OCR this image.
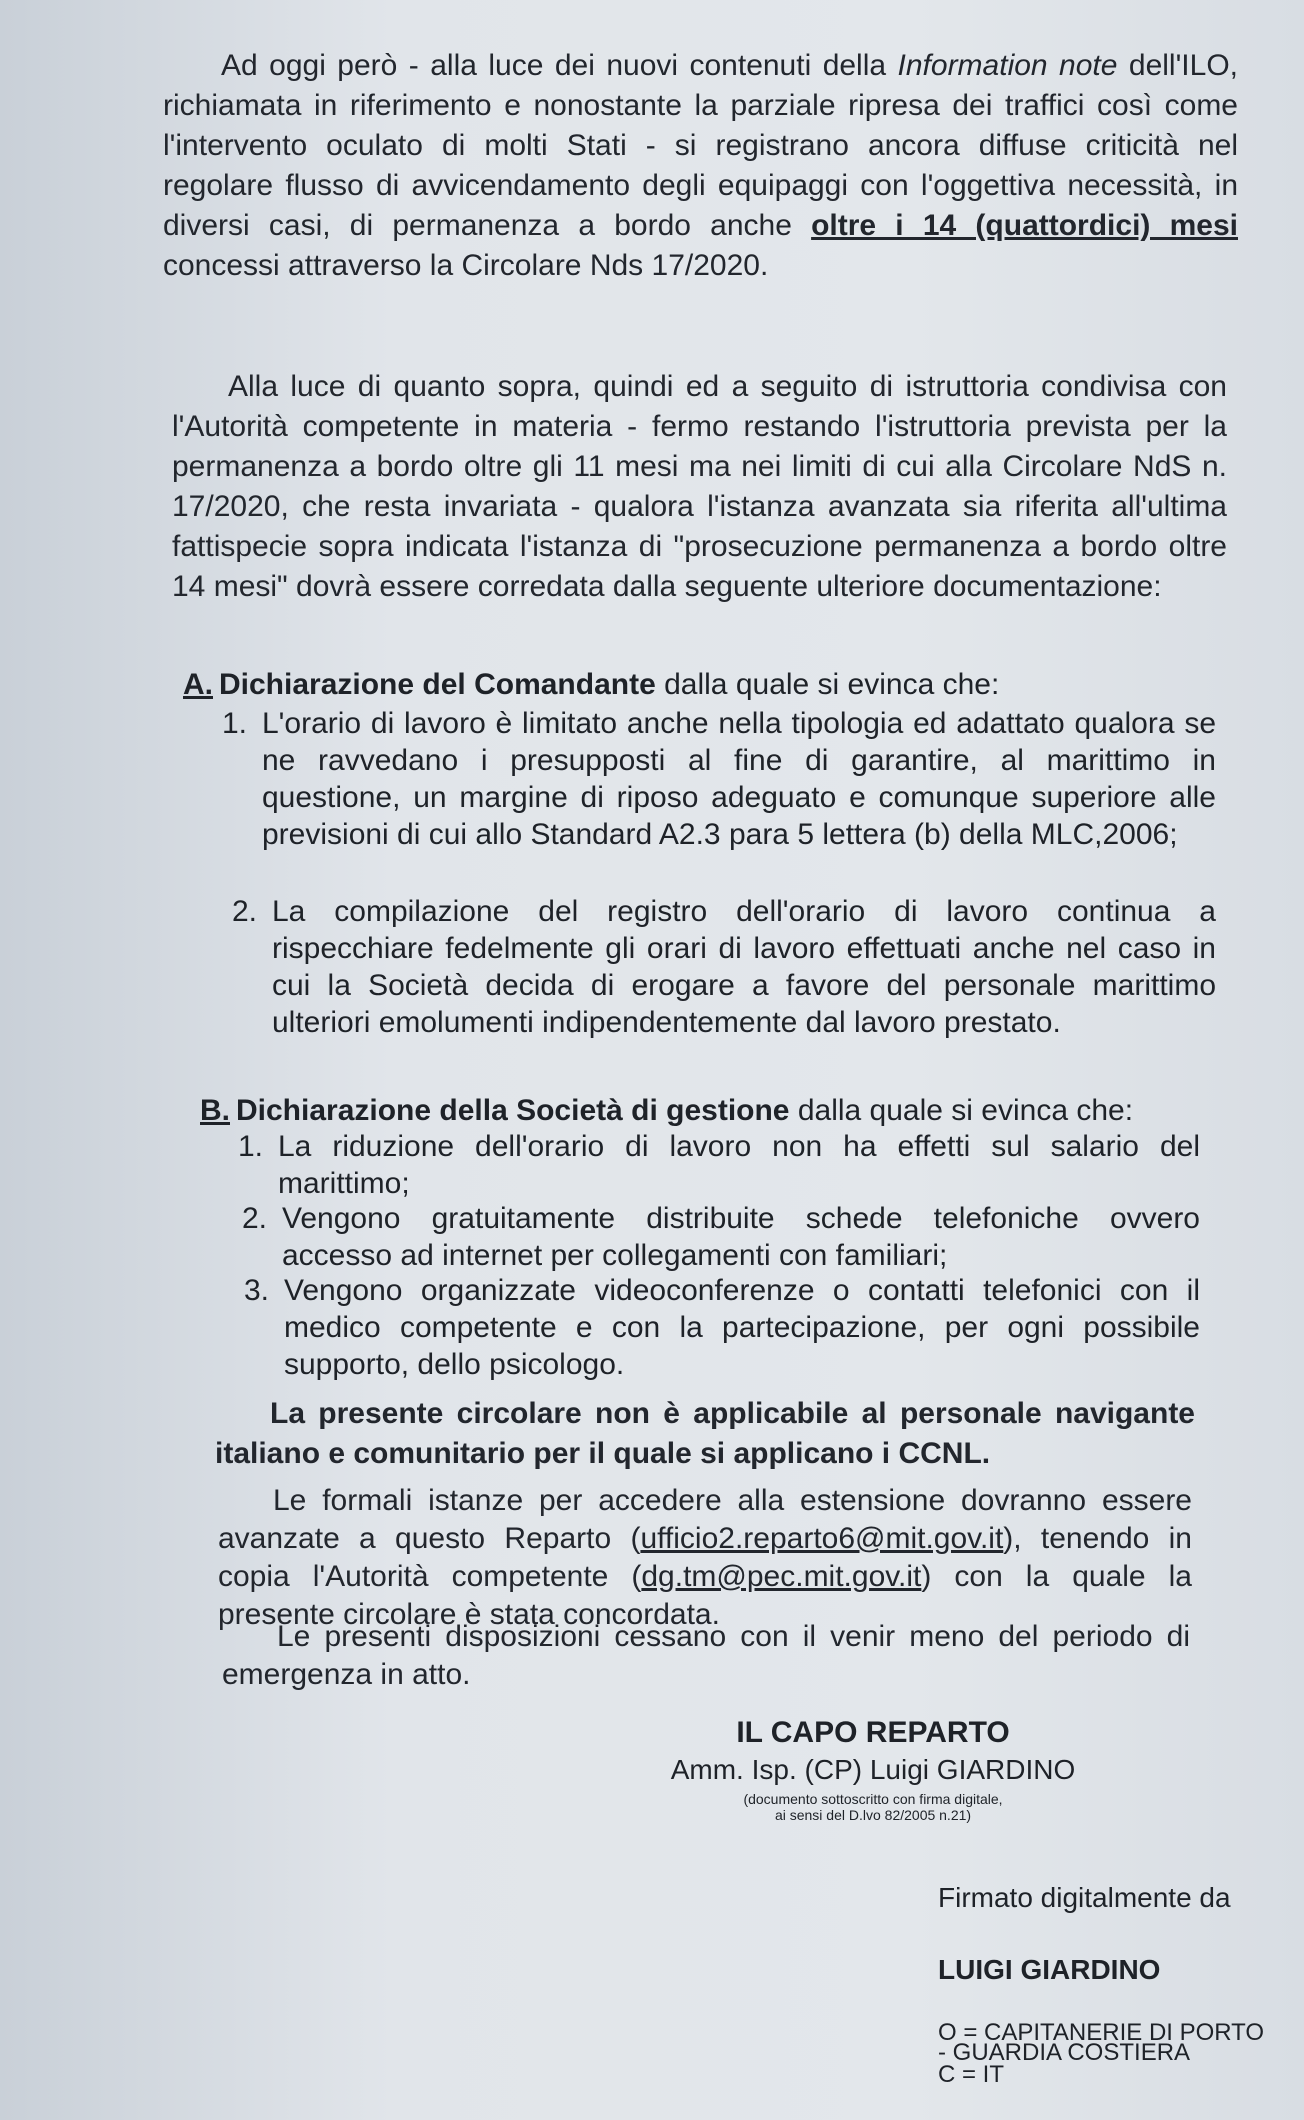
Ad oggi però - alla luce dei nuovi contenuti della Information note dell'ILO, richiamata in riferimento e nonostante la parziale ripresa dei traffici così come l'intervento oculato di molti Stati - si registrano ancora diffuse criticità nel regolare flusso di avvicendamento degli equipaggi con l'oggettiva necessità, in diversi casi, di permanenza a bordo anche oltre i 14 (quattordici) mesi concessi attraverso la Circolare Nds 17/2020.
Alla luce di quanto sopra, quindi ed a seguito di istruttoria condivisa con l'Autorità competente in materia - fermo restando l'istruttoria prevista per la permanenza a bordo oltre gli 11 mesi ma nei limiti di cui alla Circolare NdS n. 17/2020, che resta invariata - qualora l'istanza avanzata sia riferita all'ultima fattispecie sopra indicata l'istanza di "prosecuzione permanenza a bordo oltre 14 mesi" dovrà essere corredata dalla seguente ulteriore documentazione:
A. Dichiarazione del Comandante dalla quale si evinca che:
1. L'orario di lavoro è limitato anche nella tipologia ed adattato qualora se ne ravvedano i presupposti al fine di garantire, al marittimo in questione, un margine di riposo adeguato e comunque superiore alle previsioni di cui allo Standard A2.3 para 5 lettera (b) della MLC,2006;
2. La compilazione del registro dell'orario di lavoro continua a rispecchiare fedelmente gli orari di lavoro effettuati anche nel caso in cui la Società decida di erogare a favore del personale marittimo ulteriori emolumenti indipendentemente dal lavoro prestato.
B. Dichiarazione della Società di gestione dalla quale si evinca che:
1. La riduzione dell'orario di lavoro non ha effetti sul salario del marittimo;
2. Vengono gratuitamente distribuite schede telefoniche ovvero accesso ad internet per collegamenti con familiari;
3. Vengono organizzate videoconferenze o contatti telefonici con il medico competente e con la partecipazione, per ogni possibile supporto, dello psicologo.
La presente circolare non è applicabile al personale navigante italiano e comunitario per il quale si applicano i CCNL.
Le formali istanze per accedere alla estensione dovranno essere avanzate a questo Reparto (ufficio2.reparto6@mit.gov.it), tenendo in copia l'Autorità competente (dg.tm@pec.mit.gov.it) con la quale la presente circolare è stata concordata.
Le presenti disposizioni cessano con il venir meno del periodo di emergenza in atto.
IL CAPO REPARTO
Amm. Isp. (CP) Luigi GIARDINO
(documento sottoscritto con firma digitale,
ai sensi del D.lvo 82/2005 n.21)
Firmato digitalmente da
LUIGI GIARDINO
O = CAPITANERIE DI PORTO
- GUARDIA COSTIERA
C = IT
